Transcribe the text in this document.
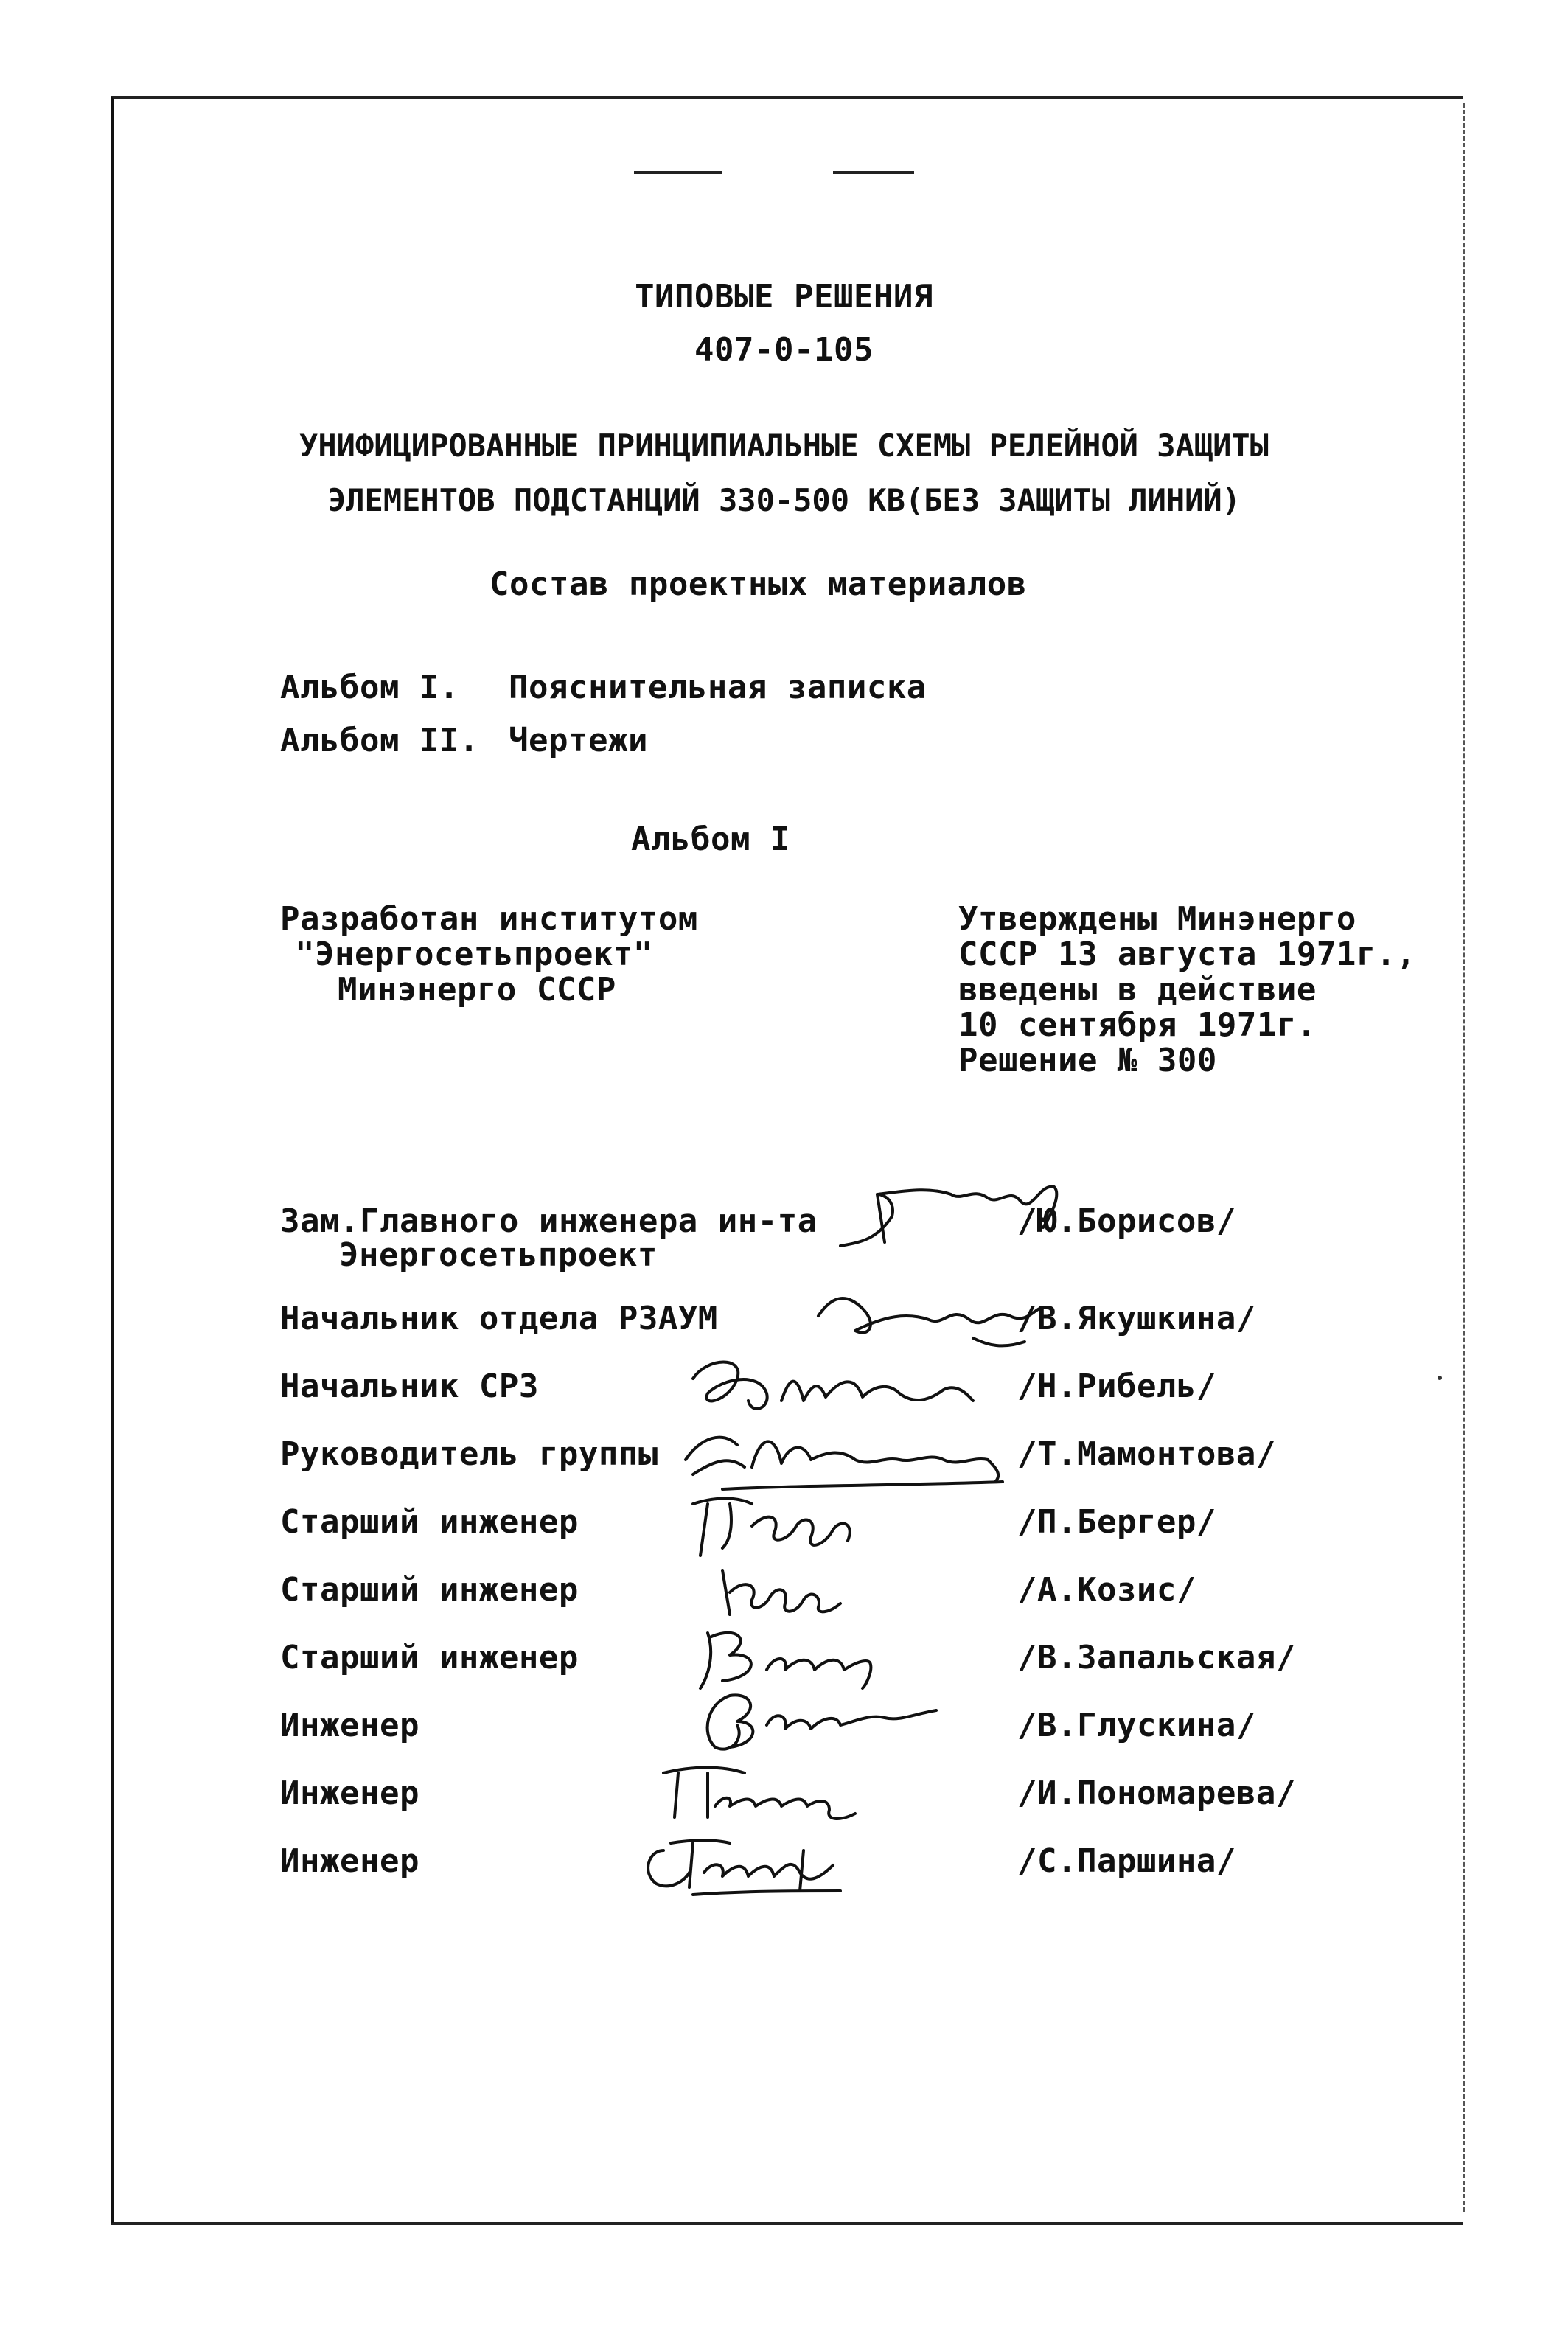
ТИПОВЫЕ РЕШЕНИЯ
407-0-105
УНИФИЦИРОВАННЫЕ ПРИНЦИПИАЛЬНЫЕ СХЕМЫ РЕЛЕЙНОЙ ЗАЩИТЫ
ЭЛЕМЕНТОВ ПОДСТАНЦИЙ 330-500 КВ(БЕЗ ЗАЩИТЫ ЛИНИЙ)
Состав проектных материалов
Альбом I. Пояснительная записка
Альбом II. Чертежи
Альбом I
Разработан институтом
"Энергосетьпроект"
Минэнерго СССР
Утверждены Минэнерго
СССР 13 августа 1971г.,
введены в действие
10 сентября 1971г.
Решение № 300
Зам.Главного инженера ин-та
Энергосетьпроект
/Ю.Борисов/
Начальник отдела РЗАУМ	/В.Якушкина/
Начальник СРЗ	/Н.Рибель/
Руководитель группы	/Т.Мамонтова/
Старший инженер	/П.Бергер/
Старший инженер	/А.Козис/
Старший инженер	/В.Запальская/
Инженер	/В.Глускина/
Инженер	/И.Пономарева/
Инженер	/С.Паршина/
